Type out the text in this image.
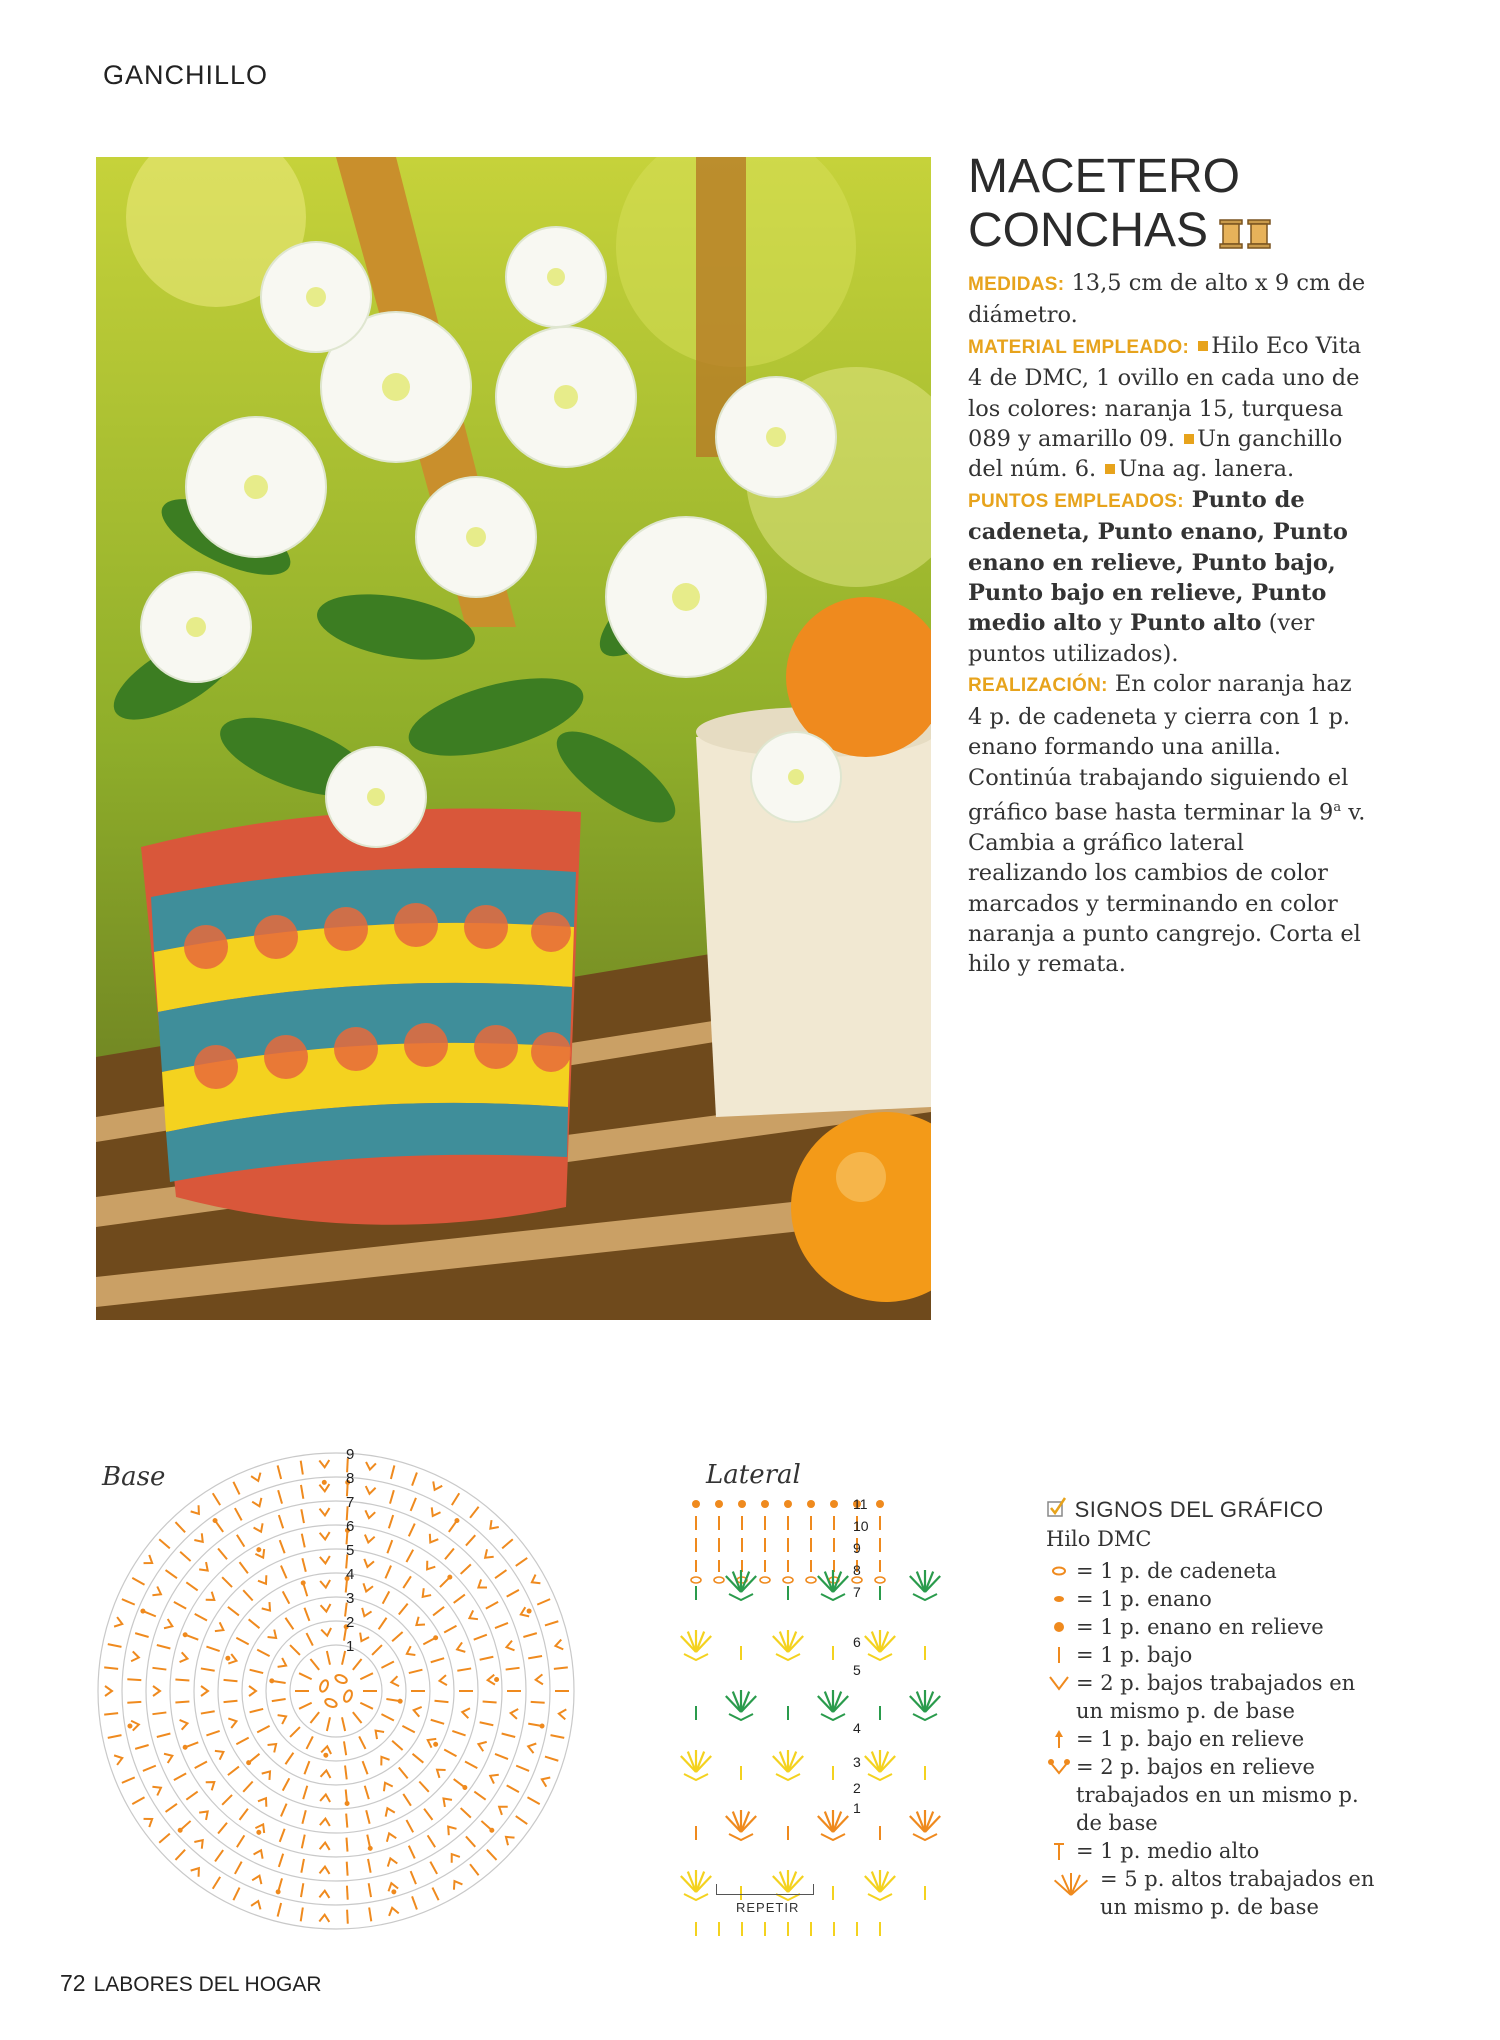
GANCHILLO
MACETERO
CONCHAS

MEDIDAS: 13,5 cm de alto x 9 cm de diámetro.

MATERIAL EMPLEADO: Hilo Eco Vita 4 de DMC, 1 ovillo en cada uno de los colores: naranja 15, turquesa 089 y amarillo 09. Un ganchillo del núm. 6. Una ag. lanera.

PUNTOS EMPLEADOS: Punto de cadeneta, Punto enano, Punto enano en relieve, Punto bajo, Punto bajo en relieve, Punto medio alto y Punto alto (ver puntos utilizados).

REALIZACIÓN: En color naranja haz 4 p. de cadeneta y cierra con 1 p. enano formando una anilla. Continúa trabajando siguiendo el gráfico base hasta terminar la 9$^a$ v. Cambia a gráfico lateral realizando los cambios de color marcados y terminando en color naranja a punto cangrejo. Corta el hilo y remata.

Base
1
2
3
4
5
6
7
8
9
Lateral
11
10
9
8
7
6
5
4
3
2
1
REPETIR
SIGNOS DEL GRÁFICO
Hilo DMC
= 1 p. de cadeneta
= 1 p. enano
= 1 p. enano en relieve
= 1 p. bajo
= 2 p. bajos trabajados en un mismo p. de base
= 1 p. bajo en relieve
= 2 p. bajos en relieve trabajados en un mismo p. de base
= 1 p. medio alto
= 5 p. altos trabajados en un mismo p. de base
72 LABORES DEL HOGAR
